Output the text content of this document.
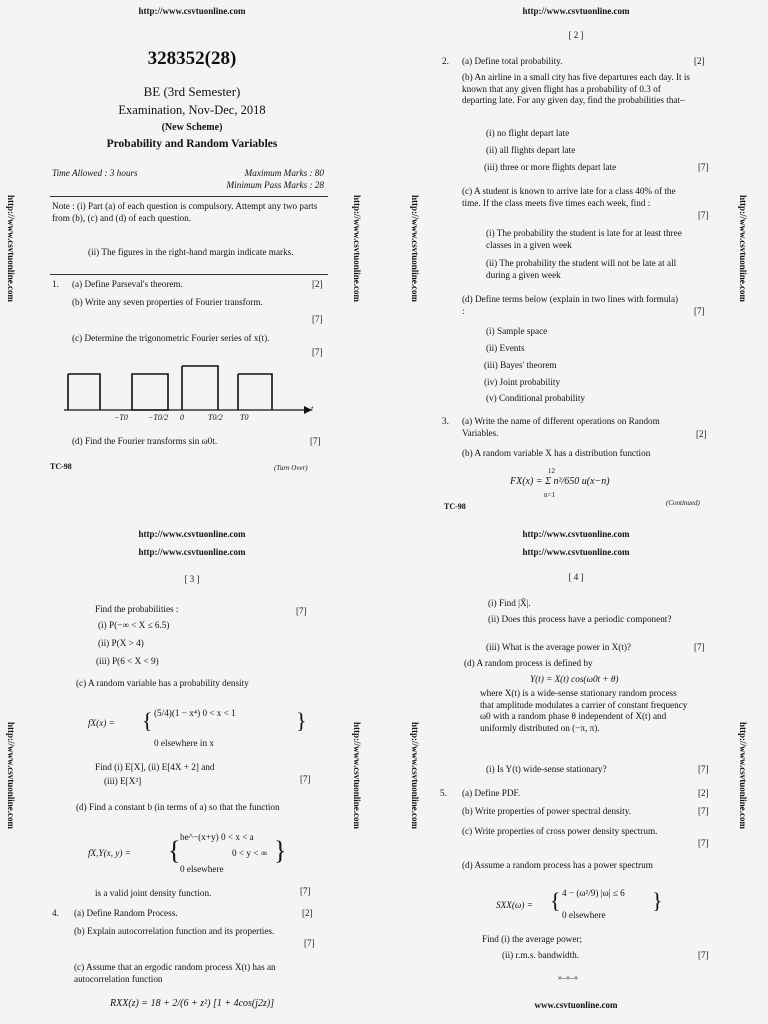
http://www.csvtuonline.com
http://www.csvtuonline.com	http://www.csvtuonline.com
328352(28)
BE (3rd Semester)
Examination, Nov-Dec, 2018
(New Scheme)
Probability and Random Variables
Time Allowed : 3 hours	Maximum Marks : 80
Minimum Pass Marks : 28
Note : (i) Part (a) of each question is compulsory. Attempt any two parts from (b), (c) and (d) of each question.
(ii) The figures in the right-hand margin indicate marks.
1. (a) Define Parseval's theorem.	[2]
(b) Write any seven properties of Fourier transform.
[7]
(c) Determine the trigonometric Fourier series of x(t).
[7]
−T0	−T0/2 0	T0/2 T0
t
(d) Find the Fourier transforms sin ω0t.	[7]
TC-98	(Turn Over)
http://www.csvtuonline.com
[ 2 ]
http://www.csvtuonline.com	http://www.csvtuonline.com
2. (a) Define total probability.	[2]
(b) An airline in a small city has five departures each day. It is known that any given flight has a probability of 0.3 of departing late. For any given day, find the probabilities that–
(i) no flight depart late
(ii) all flights depart late
(iii) three or more flights depart late	[7]
(c) A student is known to arrive late for a class 40% of the time. If the class meets five times each week, find :
[7]
(i) The probability the student is late for at least three classes in a given week
(ii) The probability the student will not be late at all during a given week
(d) Define terms below (explain in two lines with formula) :	[7]
(i) Sample space
(ii) Events
(iii) Bayes' theorem
(iv) Joint probability
(v) Conditional probability
3. (a) Write the name of different operations on Random Variables.	[2]
(b) A random variable X has a distribution function
12
FX(x) = Σ n²/650 u(x−n)
n=1
TC-98	(Continued)
http://www.csvtuonline.com
http://www.csvtuonline.com
[ 3 ]
http://www.csvtuonline.com	http://www.csvtuonline.com
Find the probabilities :	[7]
(i) P(−∞ < X ≤ 6.5)
(ii) P(X > 4)
(iii) P(6 < X < 9)
(c) A random variable has a probability density
fX(x) = { (5/4)(1 − x⁴) 0 < x < 1
0 elsewhere in x
}
Find (i) E[X], (ii) E[4X + 2] and
(iii) E[X²]	[7]
(d) Find a constant b (in terms of a) so that the function
fX,Y(x, y) = { be^−(x+y) 0 < x < a
0 < y < ∞
0 elsewhere
}
is a valid joint density function.	[7]
4. (a) Define Random Process.	[2]
(b) Explain autocorrelation function and its properties.
[7]
(c) Assume that an ergodic random process X(t) has an autocorrelation function
RXX(z) = 18 + 2/(6 + z²) [1 + 4cos(j2z)]
http://www.csvtuonline.com
http://www.csvtuonline.com
[ 4 ]
http://www.csvtuonline.com	http://www.csvtuonline.com
(i) Find |X̄|.
(ii) Does this process have a periodic component?
(iii) What is the average power in X(t)?	[7]
(d) A random process is defined by
Y(t) = X(t) cos(ω0t + θ)
where X(t) is a wide-sense stationary random process that amplitude modulates a carrier of constant frequency ω0 with a random phase θ independent of X(t) and uniformly distributed on (−π, π).
(i) Is Y(t) wide-sense stationary?	[7]
5. (a) Define PDF.	[2]
(b) Write properties of power spectral density.	[7]
(c) Write properties of cross power density spectrum.
[7]
(d) Assume a random process has a power spectrum
SXX(ω) = { 4 − (ω²/9) |ω| ≤ 6
0 elsewhere
}
Find (i) the average power;
(ii) r.m.s. bandwidth.	[7]
»–»–»
www.csvtuonline.com
